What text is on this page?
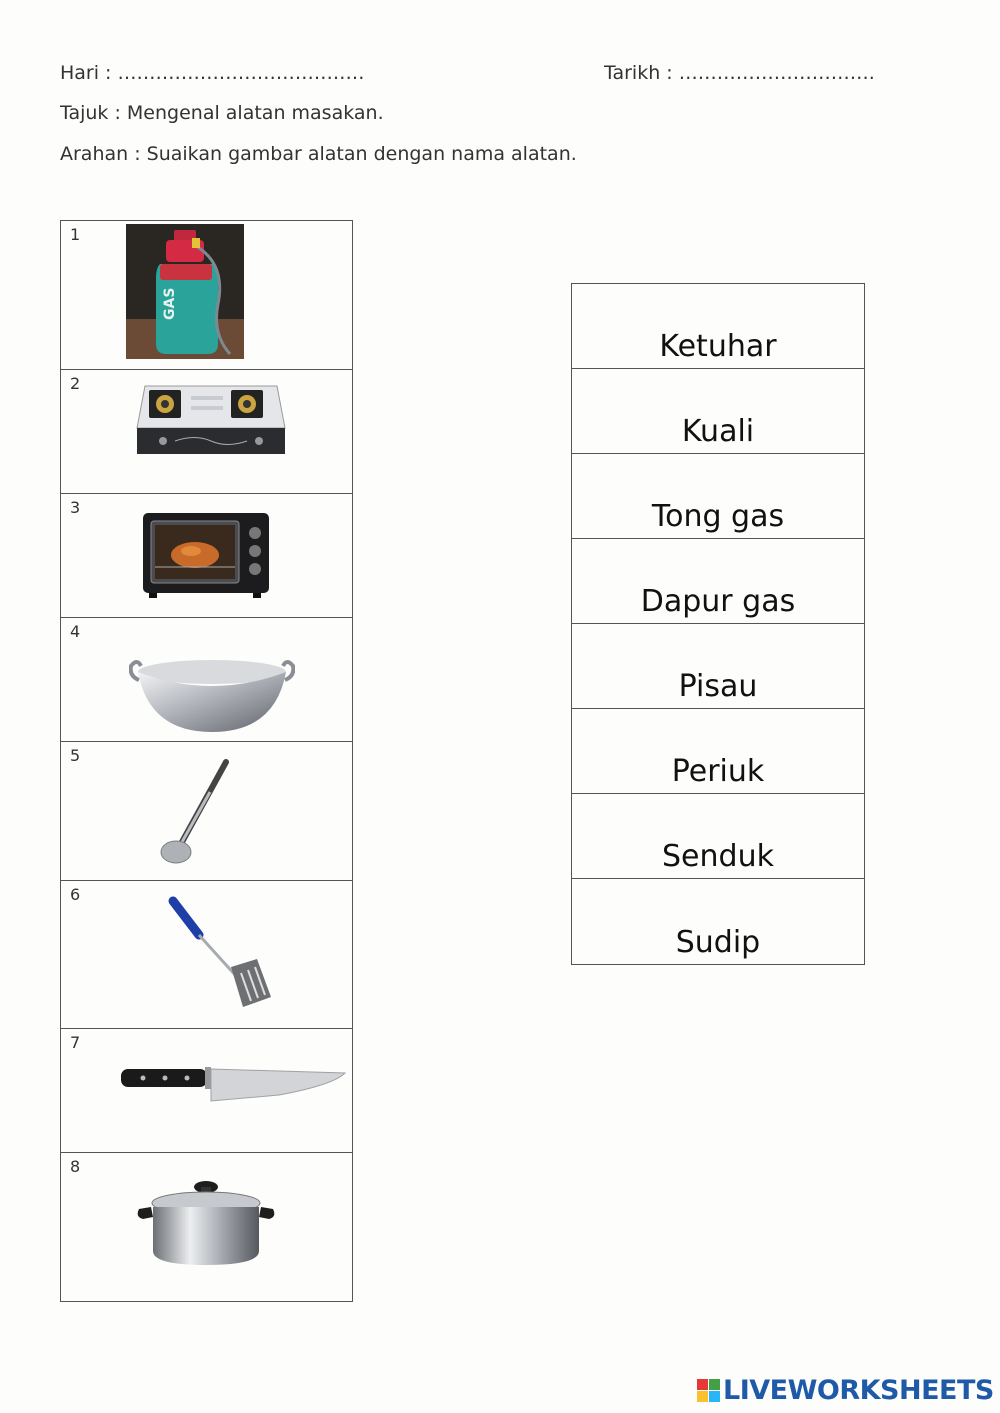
Hari : …………………………………	Tarikh : ………………………….
Tajuk : Mengenal alatan masakan.
Arahan : Suaikan gambar alatan dengan nama alatan.
1
GAS
2
3
4
5
6
7
8
Ketuhar
Kuali
Tong gas
Dapur gas
Pisau
Periuk
Senduk
Sudip
LIVEWORKSHEETS
